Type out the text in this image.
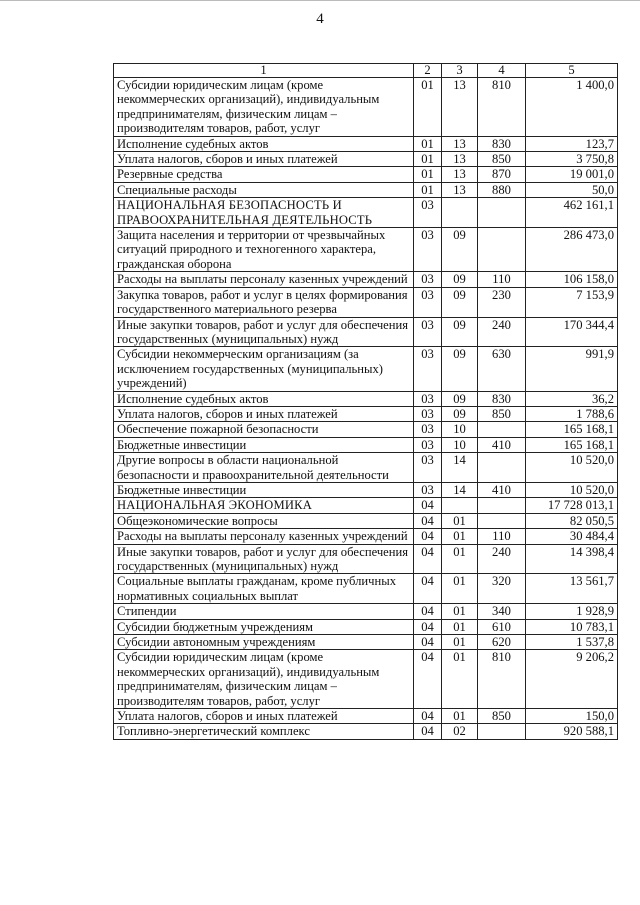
4
1	2	3	4	5
Субсидии юридическим лицам (кроме некоммерческих организаций), индивидуальным предпринимателям, физическим лицам – производителям товаров, работ, услуг	01	13	810	1 400,0
Исполнение судебных актов	01	13	830	123,7
Уплата налогов, сборов и иных платежей	01	13	850	3 750,8
Резервные средства	01	13	870	19 001,0
Специальные расходы	01	13	880	50,0
НАЦИОНАЛЬНАЯ БЕЗОПАСНОСТЬ И ПРАВООХРАНИТЕЛЬНАЯ ДЕЯТЕЛЬНОСТЬ	03			462 161,1
Защита населения и территории от чрезвычайных ситуаций природного и техногенного характера, гражданская оборона	03	09		286 473,0
Расходы на выплаты персоналу казенных учреждений	03	09	110	106 158,0
Закупка товаров, работ и услуг в целях формирования государственного материального резерва	03	09	230	7 153,9
Иные закупки товаров, работ и услуг для обеспечения государственных (муниципальных) нужд	03	09	240	170 344,4
Субсидии некоммерческим организациям (за исключением государственных (муниципальных) учреждений)	03	09	630	991,9
Исполнение судебных актов	03	09	830	36,2
Уплата налогов, сборов и иных платежей	03	09	850	1 788,6
Обеспечение пожарной безопасности	03	10		165 168,1
Бюджетные инвестиции	03	10	410	165 168,1
Другие вопросы в области национальной безопасности и правоохранительной деятельности	03	14		10 520,0
Бюджетные инвестиции	03	14	410	10 520,0
НАЦИОНАЛЬНАЯ ЭКОНОМИКА	04			17 728 013,1
Общеэкономические вопросы	04	01		82 050,5
Расходы на выплаты персоналу казенных учреждений	04	01	110	30 484,4
Иные закупки товаров, работ и услуг для обеспечения государственных (муниципальных) нужд	04	01	240	14 398,4
Социальные выплаты гражданам, кроме публичных нормативных социальных выплат	04	01	320	13 561,7
Стипендии	04	01	340	1 928,9
Субсидии бюджетным учреждениям	04	01	610	10 783,1
Субсидии автономным учреждениям	04	01	620	1 537,8
Субсидии юридическим лицам (кроме некоммерческих организаций), индивидуальным предпринимателям, физическим лицам – производителям товаров, работ, услуг	04	01	810	9 206,2
Уплата налогов, сборов и иных платежей	04	01	850	150,0
Топливно-энергетический комплекс	04	02		920 588,1
